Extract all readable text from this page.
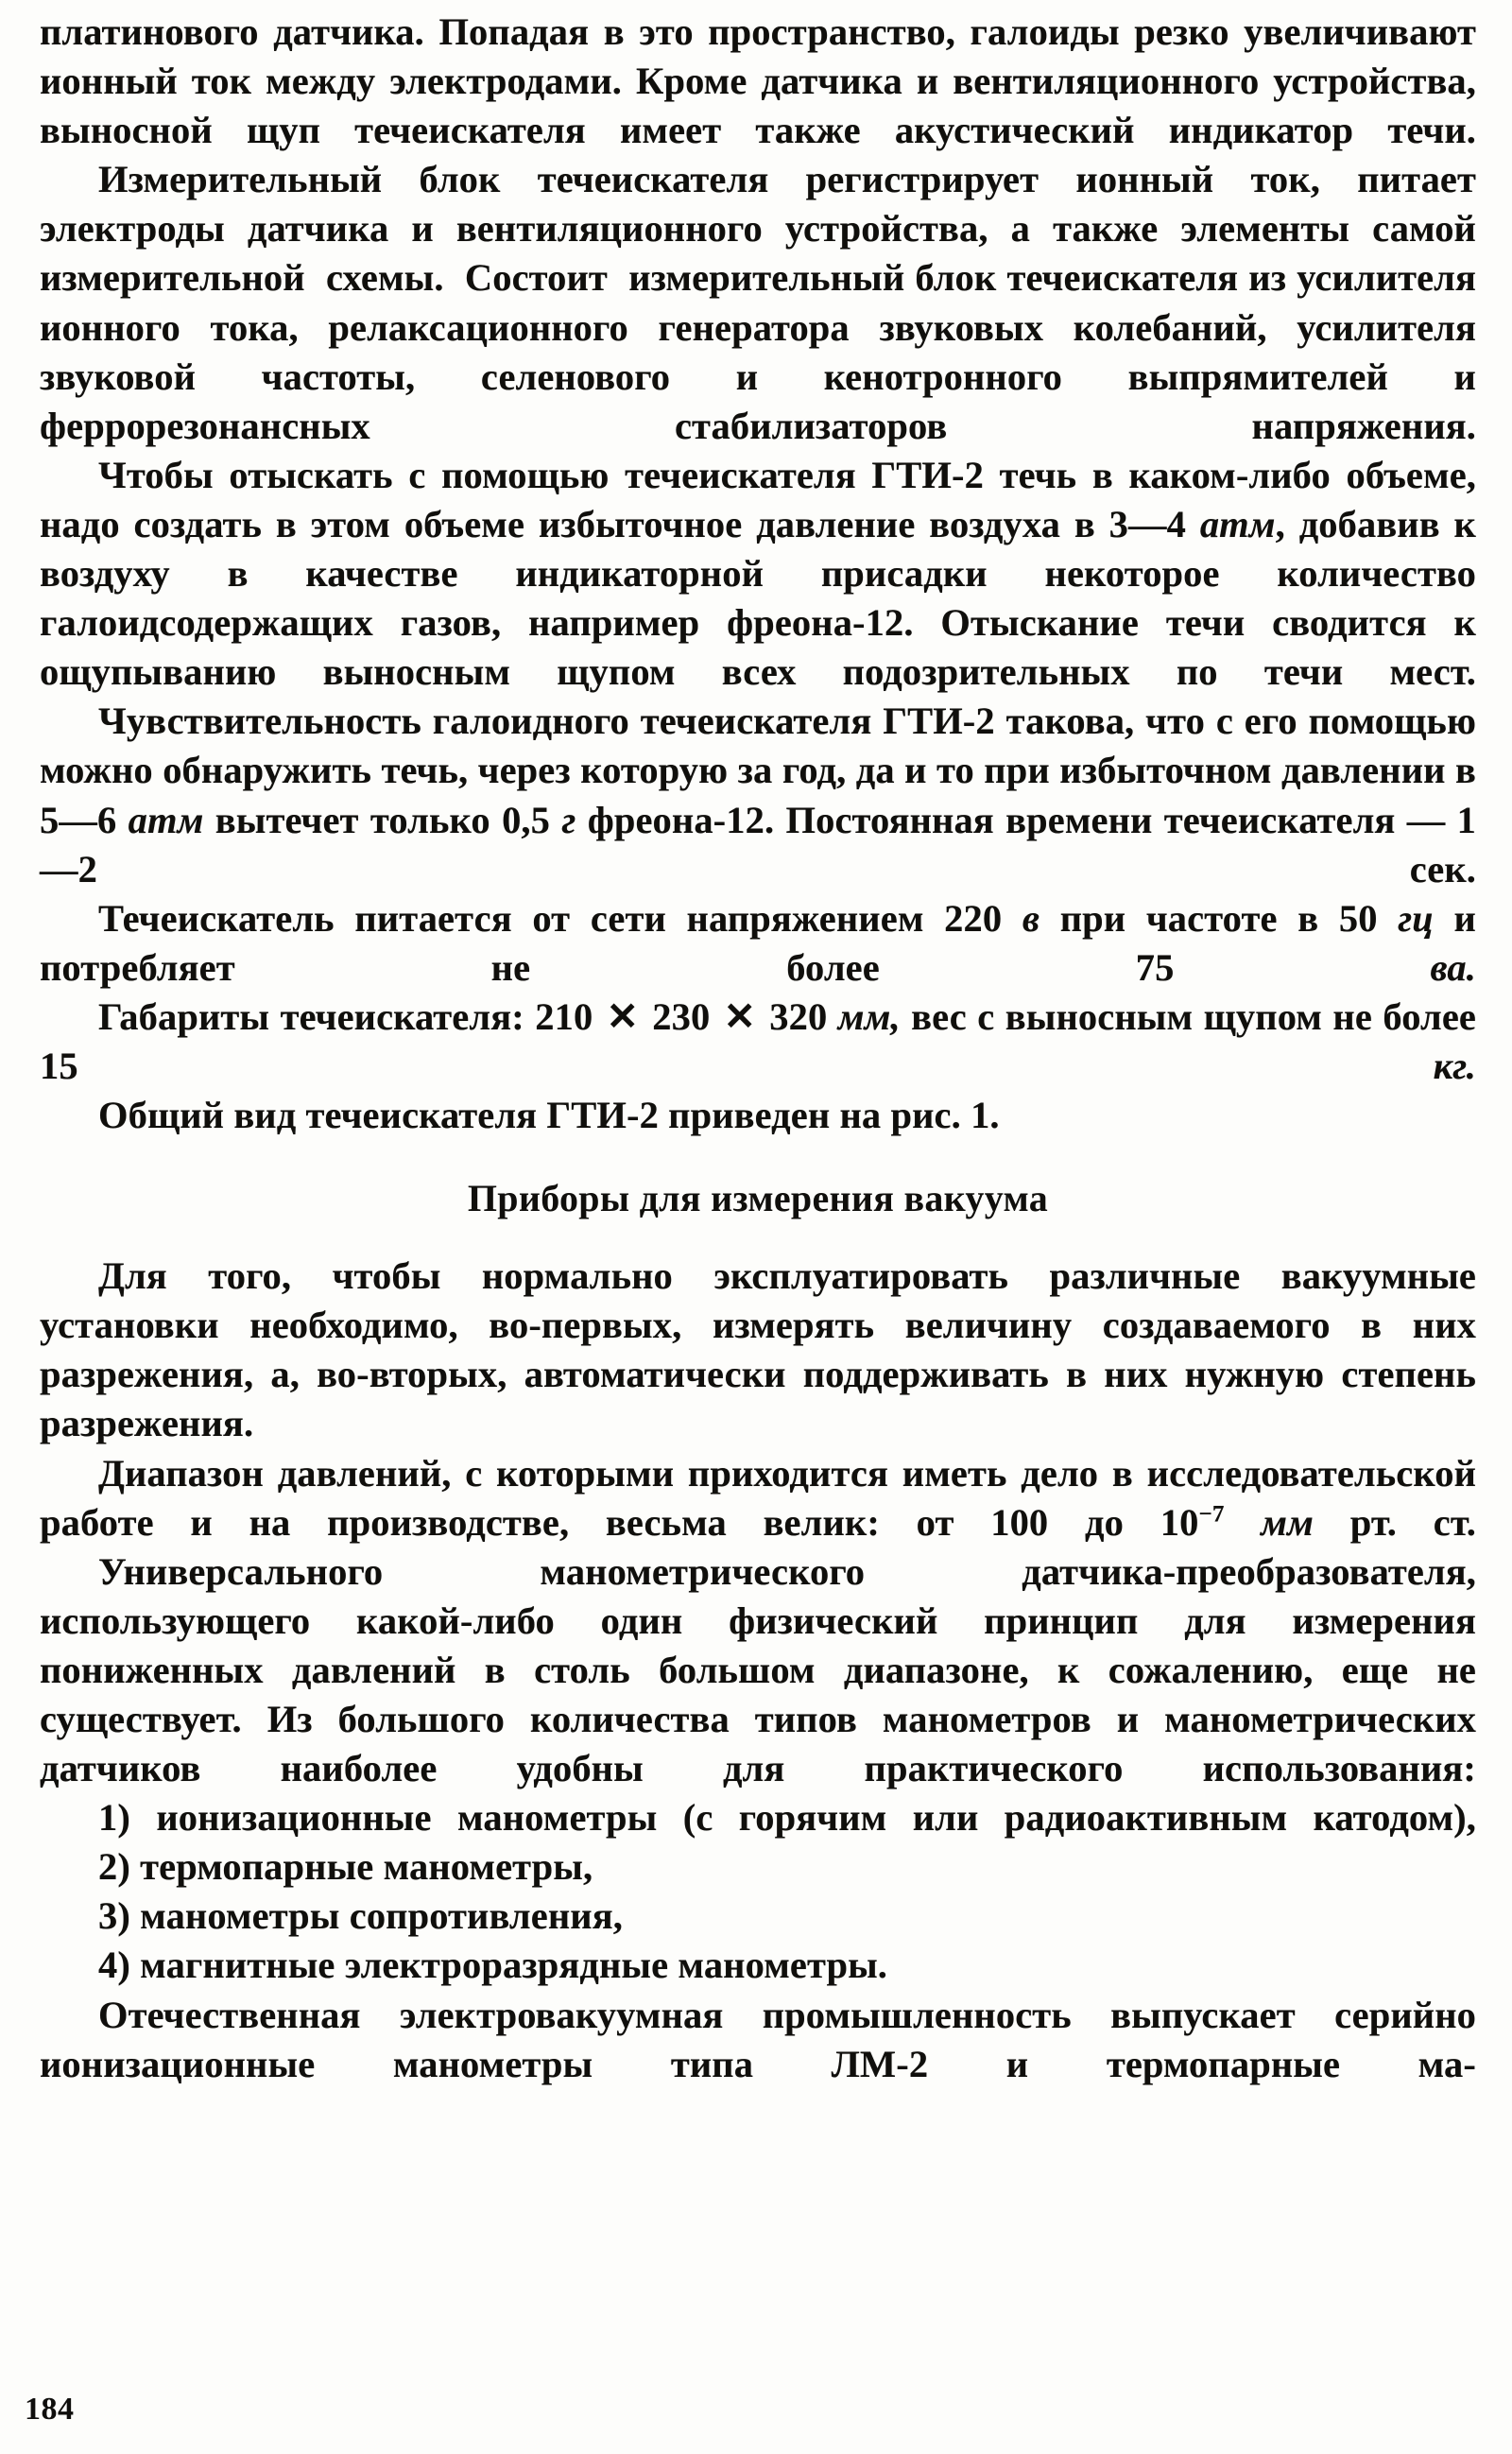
платинового датчика. Попадая в это пространство, галоиды резко увеличивают ионный ток между электродами. Кроме датчика и вентиляционного устройства, выносной щуп течеискателя имеет также акустический индикатор течи.

Измерительный блок течеискателя регистрирует ионный ток, питает электроды датчика и вентиляционного устройства, а также элементы самой измерительной  схемы.  Состоит  измерительный блок течеискателя из усилителя ионного тока, релаксационного генератора звуковых колебаний, усилителя звуковой частоты, селенового и кенотронного выпрямителей и феррорезонансных стабилизаторов напряжения.

Чтобы отыскать с помощью течеискателя ГТИ-2 течь в каком-либо объеме, надо создать в этом объеме избыточное давление воздуха в 3—4 атм, добавив к воздуху в качестве индикаторной присадки некоторое количество галоидсодержащих газов, например фреона-12. Отыскание течи сводится к ощупыванию выносным щупом всех подозрительных по течи мест.

Чувствительность галоидного течеискателя ГТИ-2 такова, что с его помощью можно обнаружить течь, через которую за год, да и то при избыточном давлении в 5—6 атм вытечет только 0,5 г фреона-12. Постоянная времени течеискателя — 1—2 сек.

Течеискатель питается от сети напряжением 220 в при частоте в 50 гц и потребляет не более 75 ва.

Габариты течеискателя: 210 ✕ 230 ✕ 320 мм, вес с выносным щупом не более 15 кг.

Общий вид течеискателя ГТИ-2 приведен на рис. 1.

Приборы для измерения вакуума

Для того, чтобы нормально эксплуатировать различные вакуумные установки необходимо, во-первых, измерять величину создаваемого в них разрежения, а, во-вторых, автоматически поддерживать в них нужную степень разрежения.

Диапазон давлений, с которыми приходится иметь дело в исследовательской работе и на производстве, весьма велик: от 100 до $10^{-7}$ мм рт. ст.

Универсального  манометрического  датчика-преобразователя, использующего какой-либо один физический принцип для измерения пониженных давлений в столь большом диапазоне, к сожалению, еще не существует. Из большого количества типов манометров и манометрических датчиков наиболее удобны для практического использования:

1) ионизационные манометры (с горячим или радиоактивным катодом),

2) термопарные манометры,

3) манометры сопротивления,

4) магнитные электроразрядные манометры.

Отечественная электровакуумная промышленность выпускает серийно ионизационные манометры типа ЛМ-2 и термопарные ма-

184
